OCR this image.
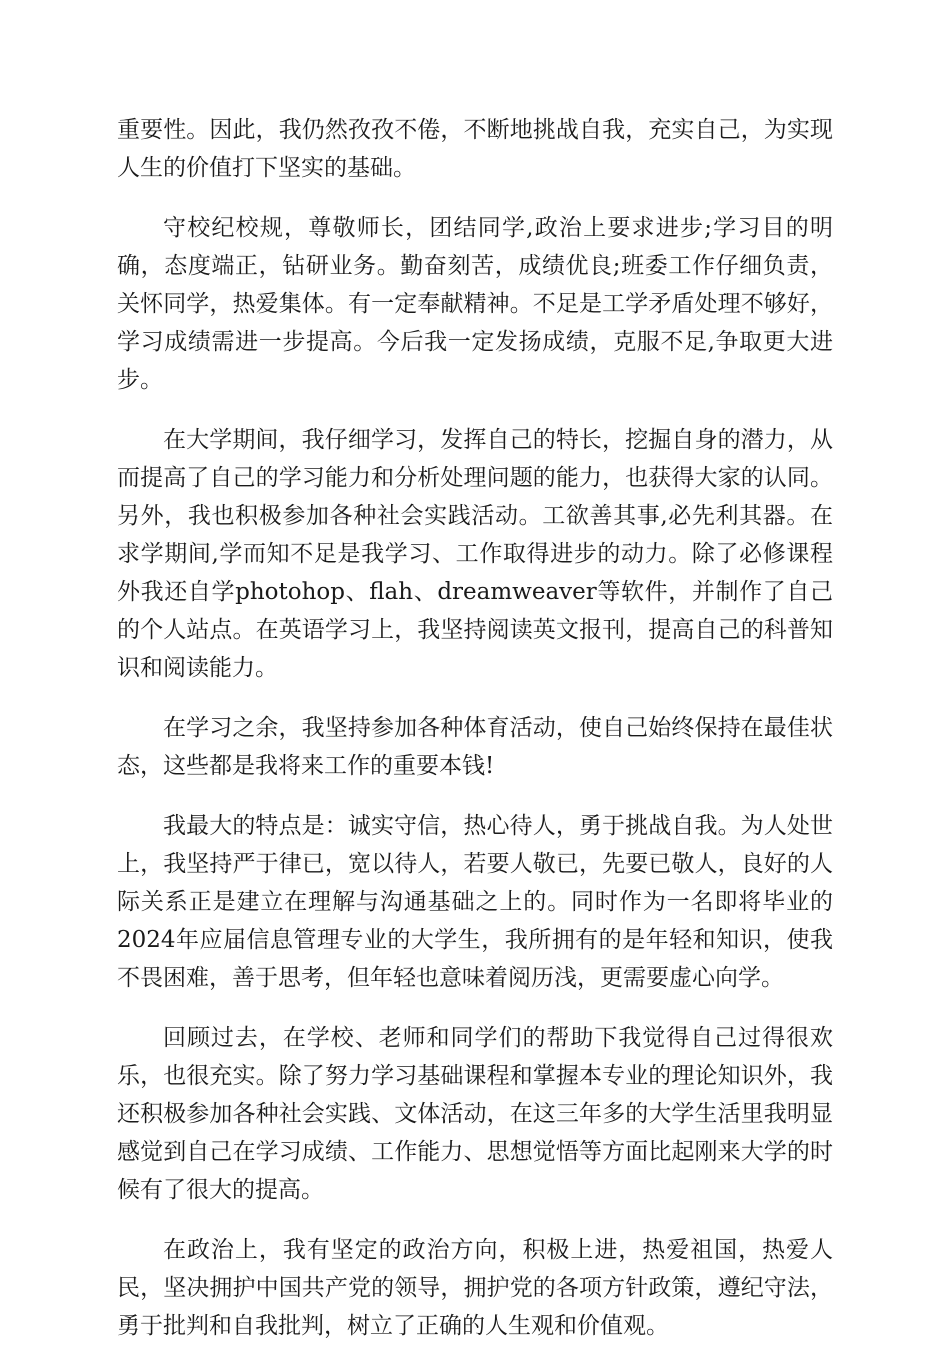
重要性。因此，我仍然孜孜不倦，不断地挑战自我，充实自己，为实现人生的价值打下坚实的基础。

守校纪校规，尊敬师长，团结同学,政治上要求进步;学习目的明确，态度端正，钻研业务。勤奋刻苦，成绩优良;班委工作仔细负责，关怀同学，热爱集体。有一定奉献精神。不足是工学矛盾处理不够好，学习成绩需进一步提高。今后我一定发扬成绩，克服不足,争取更大进步。

在大学期间，我仔细学习，发挥自己的特长，挖掘自身的潜力，从而提高了自己的学习能力和分析处理问题的能力，也获得大家的认同。另外，我也积极参加各种社会实践活动。工欲善其事,必先利其器。在求学期间,学而知不足是我学习、工作取得进步的动力。除了必修课程外我还自学photohop、flah、dreamweaver等软件，并制作了自己的个人站点。在英语学习上，我坚持阅读英文报刊，提高自己的科普知识和阅读能力。

在学习之余，我坚持参加各种体育活动，使自己始终保持在最佳状态，这些都是我将来工作的重要本钱!

我最大的特点是：诚实守信，热心待人，勇于挑战自我。为人处世上，我坚持严于律已，宽以待人，若要人敬已，先要已敬人，良好的人际关系正是建立在理解与沟通基础之上的。同时作为一名即将毕业的2024年应届信息管理专业的大学生，我所拥有的是年轻和知识，使我不畏困难，善于思考，但年轻也意味着阅历浅，更需要虚心向学。

回顾过去，在学校、老师和同学们的帮助下我觉得自己过得很欢乐，也很充实。除了努力学习基础课程和掌握本专业的理论知识外，我还积极参加各种社会实践、文体活动，在这三年多的大学生活里我明显感觉到自己在学习成绩、工作能力、思想觉悟等方面比起刚来大学的时候有了很大的提高。

在政治上，我有坚定的政治方向，积极上进，热爱祖国，热爱人民，坚决拥护中国共产党的领导，拥护党的各项方针政策，遵纪守法，勇于批判和自我批判，树立了正确的人生观和价值观。
